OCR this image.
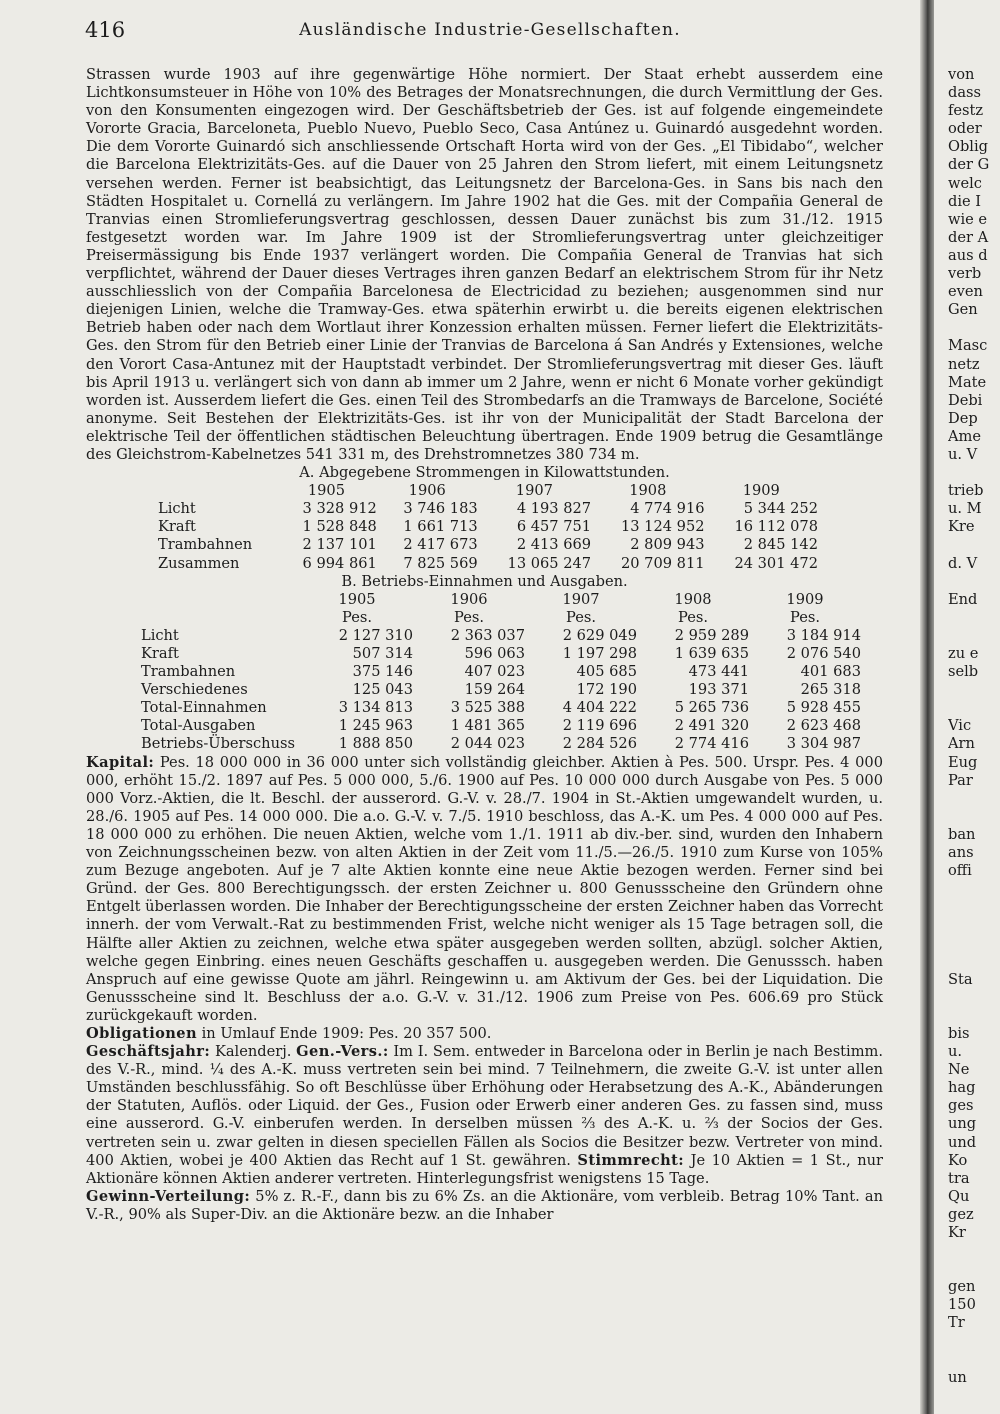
416	Ausländische Industrie-Gesellschaften.

Strassen wurde 1903 auf ihre gegenwärtige Höhe normiert. Der Staat erhebt ausserdem eine Lichtkonsumsteuer in Höhe von 10% des Betrages der Monatsrechnungen, die durch Vermittlung der Ges. von den Konsumenten eingezogen wird. Der Geschäftsbetrieb der Ges. ist auf folgende eingemeindete Vororte Gracia, Barceloneta, Pueblo Nuevo, Pueblo Seco, Casa Antúnez u. Guinardó ausgedehnt worden. Die dem Vororte Guinardó sich anschliessende Ortschaft Horta wird von der Ges. „El Tibidabo“, welcher die Barcelona Elektrizitäts-Ges. auf die Dauer von 25 Jahren den Strom liefert, mit einem Leitungsnetz versehen werden. Ferner ist beabsichtigt, das Leitungsnetz der Barcelona-Ges. in Sans bis nach den Städten Hospitalet u. Cornellá zu verlängern. Im Jahre 1902 hat die Ges. mit der Compañia General de Tranvias einen Stromlieferungsvertrag geschlossen, dessen Dauer zunächst bis zum 31./12. 1915 festgesetzt worden war. Im Jahre 1909 ist der Stromlieferungsvertrag unter gleichzeitiger Preisermässigung bis Ende 1937 verlängert worden. Die Compañia General de Tranvias hat sich verpflichtet, während der Dauer dieses Vertrages ihren ganzen Bedarf an elektrischem Strom für ihr Netz ausschliesslich von der Compañia Barcelonesa de Electricidad zu beziehen; ausgenommen sind nur diejenigen Linien, welche die Tramway-Ges. etwa späterhin erwirbt u. die bereits eigenen elektrischen Betrieb haben oder nach dem Wortlaut ihrer Konzession erhalten müssen. Ferner liefert die Elektrizitäts-Ges. den Strom für den Betrieb einer Linie der Tranvias de Barcelona á San Andrés y Extensiones, welche den Vorort Casa-Antunez mit der Hauptstadt verbindet. Der Stromlieferungsvertrag mit dieser Ges. läuft bis April 1913 u. verlängert sich von dann ab immer um 2 Jahre, wenn er nicht 6 Monate vorher gekündigt worden ist. Ausserdem liefert die Ges. einen Teil des Strombedarfs an die Tramways de Barcelone, Société anonyme. Seit Bestehen der Elektrizitäts-Ges. ist ihr von der Municipalität der Stadt Barcelona der elektrische Teil der öffentlichen städtischen Beleuchtung übertragen. Ende 1909 betrug die Gesamtlänge des Gleichstrom-Kabelnetzes 541 331 m, des Drehstromnetzes 380 734 m.

A. Abgegebene Strommengen in Kilowattstunden.

	1905	1906	1907	1908	1909
Licht	3 328 912	3 746 183	4 193 827	4 774 916	5 344 252
Kraft	1 528 848	1 661 713	6 457 751	13 124 952	16 112 078
Trambahnen	2 137 101	2 417 673	2 413 669	2 809 943	2 845 142
Zusammen	6 994 861	7 825 569	13 065 247	20 709 811	24 301 472

B. Betriebs-Einnahmen und Ausgaben.

	1905	1906	1907	1908	1909
	Pes.	Pes.	Pes.	Pes.	Pes.
Licht	2 127 310	2 363 037	2 629 049	2 959 289	3 184 914
Kraft	507 314	596 063	1 197 298	1 639 635	2 076 540
Trambahnen	375 146	407 023	405 685	473 441	401 683
Verschiedenes	125 043	159 264	172 190	193 371	265 318
Total-Einnahmen	3 134 813	3 525 388	4 404 222	5 265 736	5 928 455
Total-Ausgaben	1 245 963	1 481 365	2 119 696	2 491 320	2 623 468
Betriebs-Überschuss	1 888 850	2 044 023	2 284 526	2 774 416	3 304 987

Kapital: Pes. 18 000 000 in 36 000 unter sich vollständig gleichber. Aktien à Pes. 500. Urspr. Pes. 4 000 000, erhöht 15./2. 1897 auf Pes. 5 000 000, 5./6. 1900 auf Pes. 10 000 000 durch Ausgabe von Pes. 5 000 000 Vorz.-Aktien, die lt. Beschl. der ausserord. G.-V. v. 28./7. 1904 in St.-Aktien umgewandelt wurden, u. 28./6. 1905 auf Pes. 14 000 000. Die a.o. G.-V. v. 7./5. 1910 beschloss, das A.-K. um Pes. 4 000 000 auf Pes. 18 000 000 zu erhöhen. Die neuen Aktien, welche vom 1./1. 1911 ab div.-ber. sind, wurden den Inhabern von Zeichnungsscheinen bezw. von alten Aktien in der Zeit vom 11./5.—26./5. 1910 zum Kurse von 105% zum Bezuge angeboten. Auf je 7 alte Aktien konnte eine neue Aktie bezogen werden. Ferner sind bei Gründ. der Ges. 800 Berechtigungssch. der ersten Zeichner u. 800 Genussscheine den Gründern ohne Entgelt überlassen worden. Die Inhaber der Berechtigungsscheine der ersten Zeichner haben das Vorrecht innerh. der vom Verwalt.-Rat zu bestimmenden Frist, welche nicht weniger als 15 Tage betragen soll, die Hälfte aller Aktien zu zeichnen, welche etwa später ausgegeben werden sollten, abzügl. solcher Aktien, welche gegen Einbring. eines neuen Geschäfts geschaffen u. ausgegeben werden. Die Genusssch. haben Anspruch auf eine gewisse Quote am jährl. Reingewinn u. am Aktivum der Ges. bei der Liquidation. Die Genussscheine sind lt. Beschluss der a.o. G.-V. v. 31./12. 1906 zum Preise von Pes. 606.69 pro Stück zurückgekauft worden.

Obligationen in Umlauf Ende 1909: Pes. 20 357 500.

Geschäftsjahr: Kalenderj. Gen.-Vers.: Im I. Sem. entweder in Barcelona oder in Berlin je nach Bestimm. des V.-R., mind. ¼ des A.-K. muss vertreten sein bei mind. 7 Teilnehmern, die zweite G.-V. ist unter allen Umständen beschlussfähig. So oft Beschlüsse über Erhöhung oder Herabsetzung des A.-K., Abänderungen der Statuten, Auflös. oder Liquid. der Ges., Fusion oder Erwerb einer anderen Ges. zu fassen sind, muss eine ausserord. G.-V. einberufen werden. In derselben müssen ⅔ des A.-K. u. ⅔ der Socios der Ges. vertreten sein u. zwar gelten in diesen speciellen Fällen als Socios die Besitzer bezw. Vertreter von mind. 400 Aktien, wobei je 400 Aktien das Recht auf 1 St. gewähren. Stimmrecht: Je 10 Aktien = 1 St., nur Aktionäre können Aktien anderer vertreten. Hinterlegungsfrist wenigstens 15 Tage.

Gewinn-Verteilung: 5% z. R.-F., dann bis zu 6% Zs. an die Aktionäre, vom verbleib. Betrag 10% Tant. an V.-R., 90% als Super-Div. an die Aktionäre bezw. an die Inhaber

von
dass
festz
oder
Oblig
der G
welc
die I
wie e
der A
aus d
verb
even
Gen
Masc
netz
Mate
Debi
Dep
Ame
u. V
trieb
u. M
Kre
d. V
End
zu e
selb
Vic
Arn
Eug
Par
ban
ans
offi
Sta
bis
u.
Ne
hag
ges
ung
und
Ko
tra
Qu
gez
Kr
gen
150
Tr
un
